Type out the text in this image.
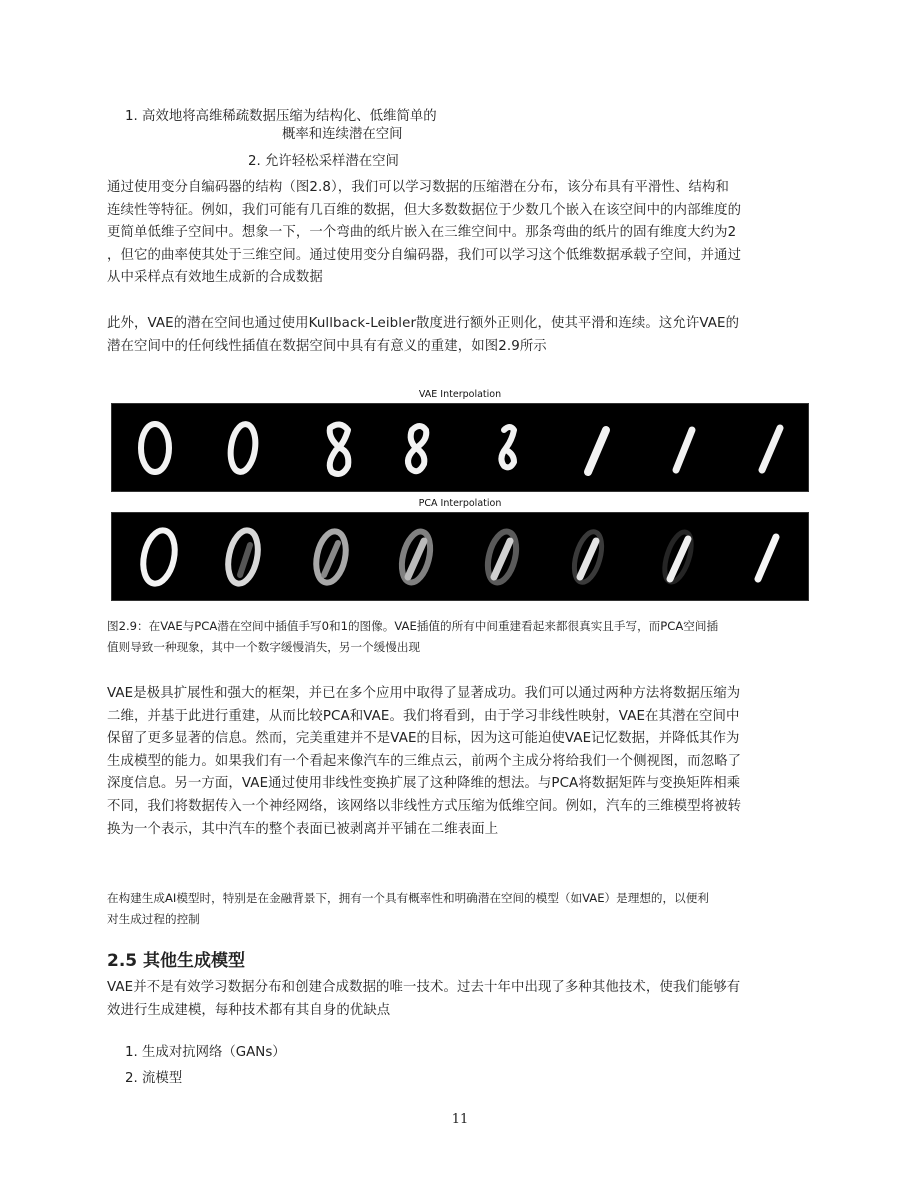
1. 高效地将高维稀疏数据压缩为结构化、低维简单的
概率和连续潜在空间
2. 允许轻松采样潜在空间
通过使用变分自编码器的结构（图2.8），我们可以学习数据的压缩潜在分布，该分布具有平滑性、结构和
连续性等特征。例如，我们可能有几百维的数据，但大多数数据位于少数几个嵌入在该空间中的内部维度的
更简单低维子空间中。想象一下，一个弯曲的纸片嵌入在三维空间中。那条弯曲的纸片的固有维度大约为2
，但它的曲率使其处于三维空间。通过使用变分自编码器，我们可以学习这个低维数据承载子空间，并通过
从中采样点有效地生成新的合成数据
此外，VAE的潜在空间也通过使用Kullback-Leibler散度进行额外正则化，使其平滑和连续。这允许VAE的
潜在空间中的任何线性插值在数据空间中具有有意义的重建，如图2.9所示
VAE Interpolation
PCA Interpolation
图2.9：在VAE与PCA潜在空间中插值手写0和1的图像。VAE插值的所有中间重建看起来都很真实且手写，而PCA空间插
值则导致一种现象，其中一个数字缓慢消失，另一个缓慢出现
VAE是极具扩展性和强大的框架，并已在多个应用中取得了显著成功。我们可以通过两种方法将数据压缩为
二维，并基于此进行重建，从而比较PCA和VAE。我们将看到，由于学习非线性映射，VAE在其潜在空间中
保留了更多显著的信息。然而，完美重建并不是VAE的目标，因为这可能迫使VAE记忆数据，并降低其作为
生成模型的能力。如果我们有一个看起来像汽车的三维点云，前两个主成分将给我们一个侧视图，而忽略了
深度信息。另一方面，VAE通过使用非线性变换扩展了这种降维的想法。与PCA将数据矩阵与变换矩阵相乘
不同，我们将数据传入一个神经网络，该网络以非线性方式压缩为低维空间。例如，汽车的三维模型将被转
换为一个表示，其中汽车的整个表面已被剥离并平铺在二维表面上
在构建生成AI模型时，特别是在金融背景下，拥有一个具有概率性和明确潜在空间的模型（如VAE）是理想的，以便利
对生成过程的控制
2.5 其他生成模型
VAE并不是有效学习数据分布和创建合成数据的唯一技术。过去十年中出现了多种其他技术，使我们能够有
效进行生成建模，每种技术都有其自身的优缺点
1. 生成对抗网络（GANs）
2. 流模型
11
